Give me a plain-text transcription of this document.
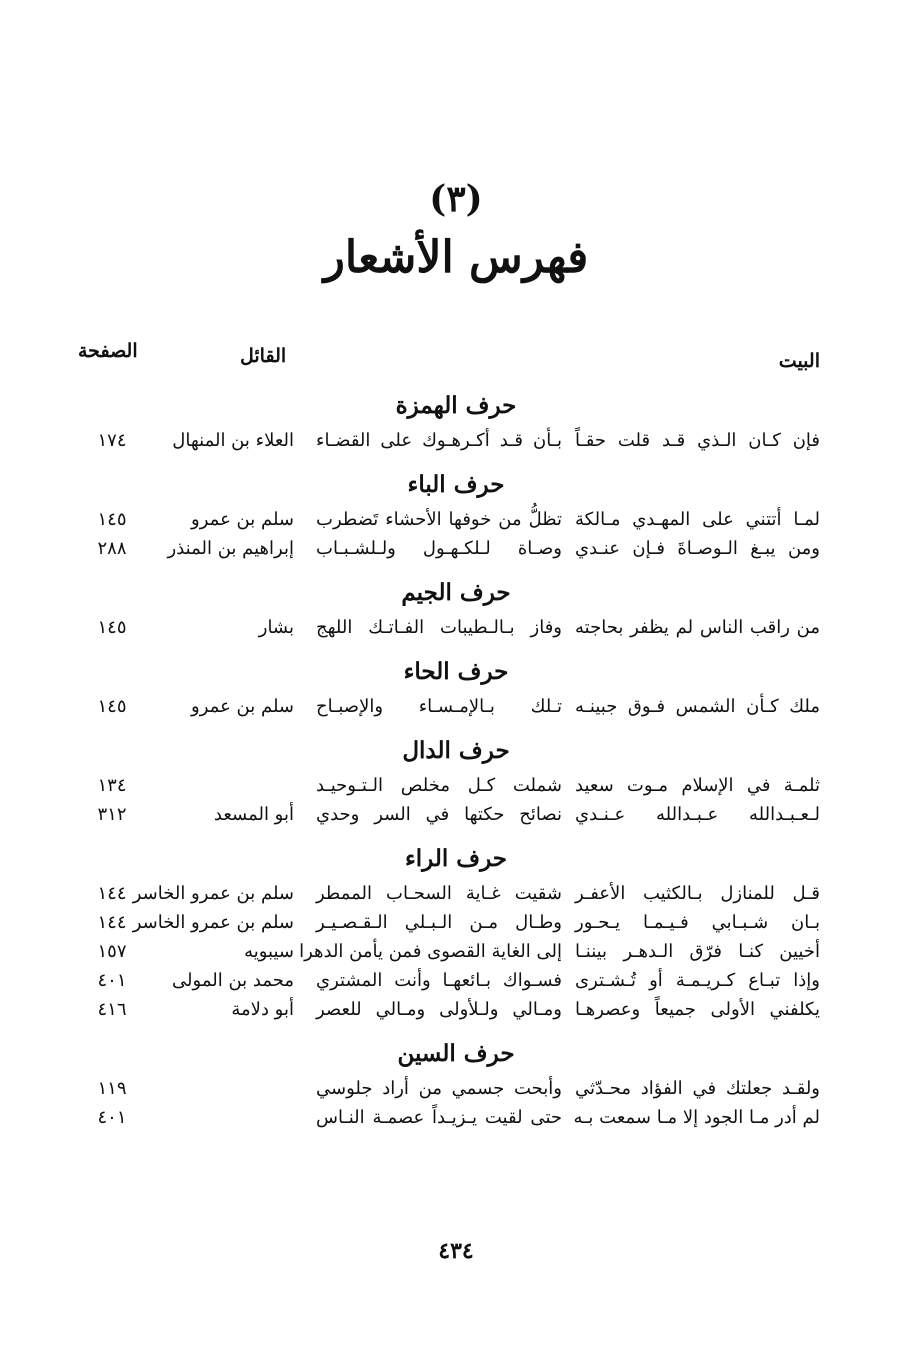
(٣)
فهرس الأشعار
البيت
القائل
الصفحة
حرف الهمزة
فإن كـان الـذي قـد قلت حقـاً
بـأن قـد أكـرهـوك على القضـاء
العلاء بن المنهال
١٧٤
حرف الباء
لمـا أتتني على المهـدي مـالكة
تظلُّ من خوفها الأحشاء تَضطرب
سلم بن عمرو
١٤٥
ومن يبـغ الـوصـاةَ فـإن عنـدي
وصـاة لـلكـهـول ولـلشـبـاب
إبراهيم بن المنذر
٢٨٨
حرف الجيم
من راقب الناس لم يظفر بحاجته
وفاز بـالـطيبات الفـاتـك اللهج
بشار
١٤٥
حرف الحاء
ملك كـأن الشمس فـوق جبينـه
تـلك بـالإمـسـاء والإصبـاح
سلم بن عمرو
١٤٥
حرف الدال
ثلمـة في الإسلام مـوت سعيد
شملت كـل مخلص الـتـوحيـد
١٣٤
لـعـبـدالله عـبـدالله عـنـدي
نصائح حكتها في السر وحدي
أبو المسعد
٣١٢
حرف الراء
قـل للمنازل بـالكثيب الأعفـر
شقيت غـاية السحـاب الممطر
سلم بن عمرو الخاسر
١٤٤
بـان شـبـابي فـيـمـا يـحـور
وطـال مـن الـبـلي الـقـصـيـر
سلم بن عمرو الخاسر
١٤٤
أخيين كنـا فرّق الـدهـر بيننـا
إلى الغاية القصوى فمن يأمن الدهرا
سيبويه
١٥٧
وإذا تبـاع كـريـمـة أو تُـشـترى
فسـواك بـائعهـا وأنت المشتري
محمد بن المولى
٤٠١
يكلفني الأولى جميعاً وعصرهـا
ومـالي ولـلأولى ومـالي للعصر
أبو دلامة
٤١٦
حرف السين
ولقـد جعلتك في الفؤاد محـدّثي
وأبحت جسمي من أراد جلوسي
١١٩
لم أدر مـا الجود إلا مـا سمعت بـه
حتى لقيت يـزيـداً عصمـة النـاس
٤٠١
٤٣٤
